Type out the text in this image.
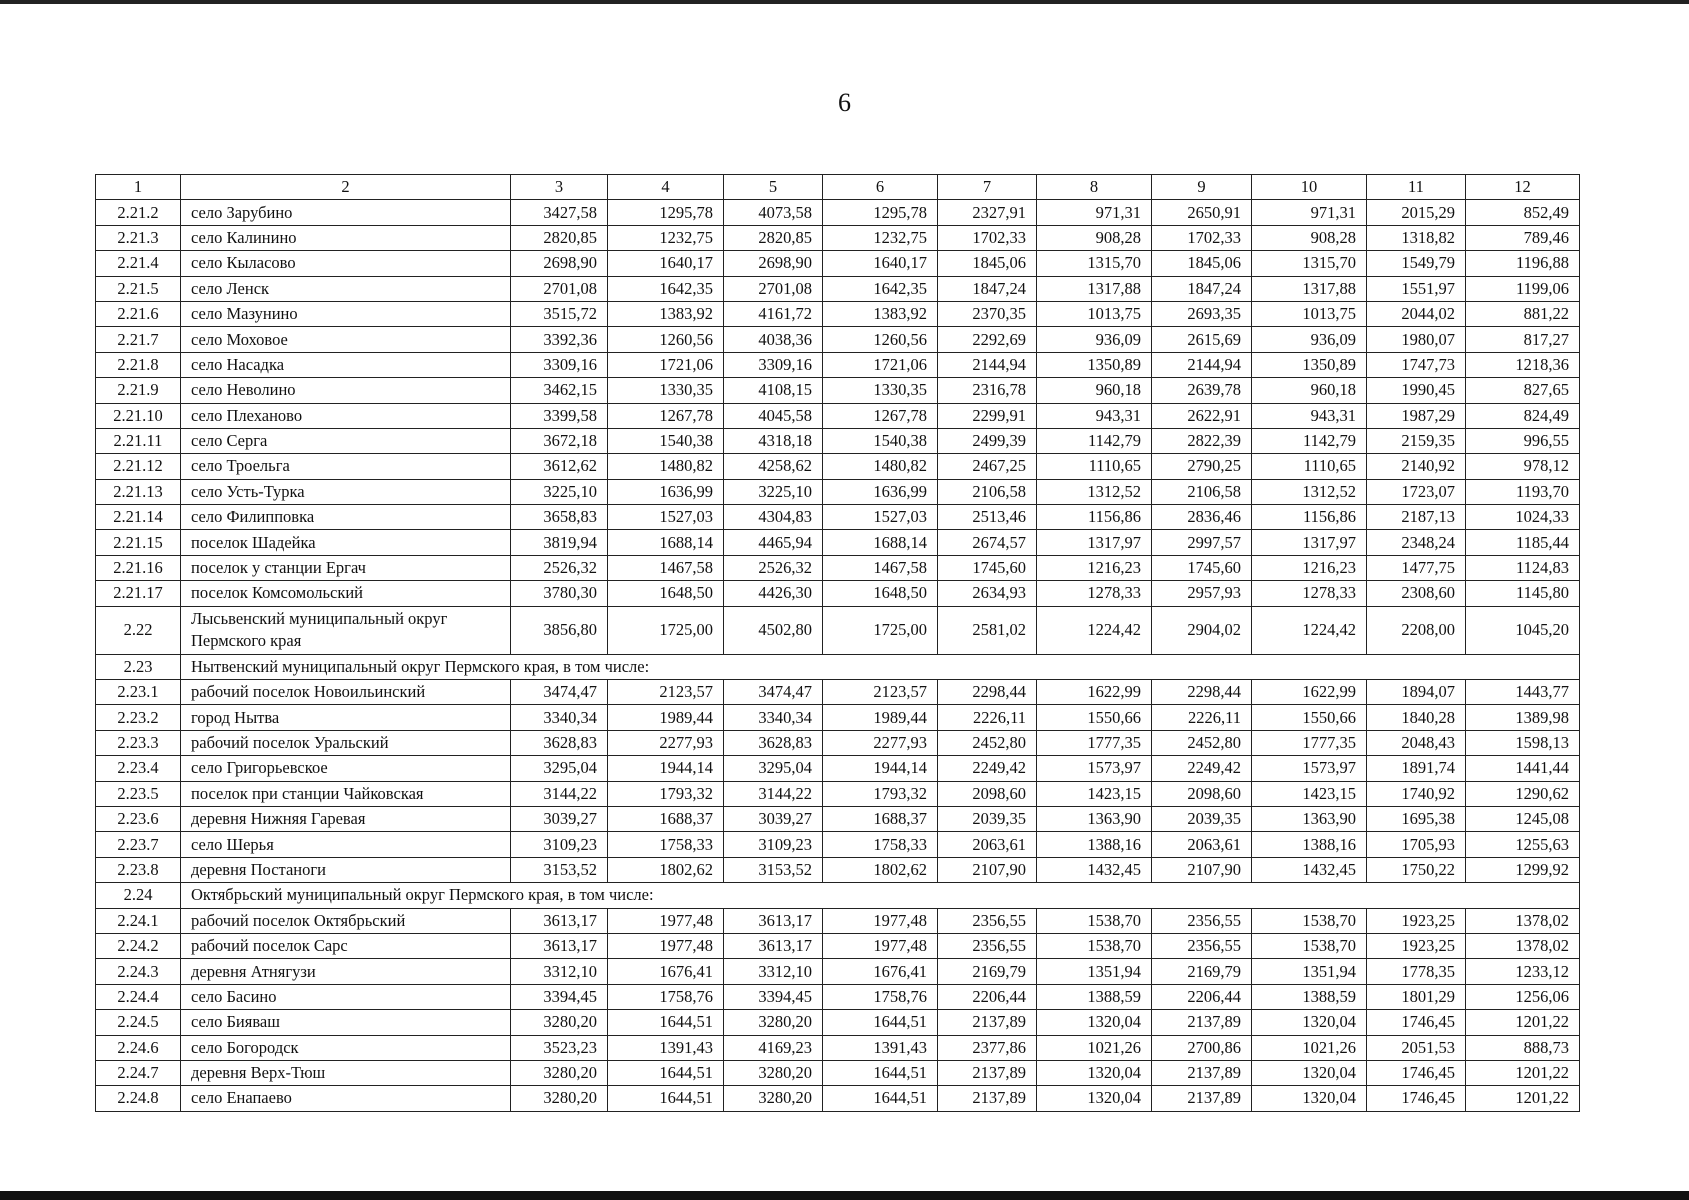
6
1	2	3	4	5	6	7	8	9	10	11	12
2.21.2	село Зарубино	3427,58	1295,78	4073,58	1295,78	2327,91	971,31	2650,91	971,31	2015,29	852,49
2.21.3	село Калинино	2820,85	1232,75	2820,85	1232,75	1702,33	908,28	1702,33	908,28	1318,82	789,46
2.21.4	село Кыласово	2698,90	1640,17	2698,90	1640,17	1845,06	1315,70	1845,06	1315,70	1549,79	1196,88
2.21.5	село Ленск	2701,08	1642,35	2701,08	1642,35	1847,24	1317,88	1847,24	1317,88	1551,97	1199,06
2.21.6	село Мазунино	3515,72	1383,92	4161,72	1383,92	2370,35	1013,75	2693,35	1013,75	2044,02	881,22
2.21.7	село Моховое	3392,36	1260,56	4038,36	1260,56	2292,69	936,09	2615,69	936,09	1980,07	817,27
2.21.8	село Насадка	3309,16	1721,06	3309,16	1721,06	2144,94	1350,89	2144,94	1350,89	1747,73	1218,36
2.21.9	село Неволино	3462,15	1330,35	4108,15	1330,35	2316,78	960,18	2639,78	960,18	1990,45	827,65
2.21.10	село Плеханово	3399,58	1267,78	4045,58	1267,78	2299,91	943,31	2622,91	943,31	1987,29	824,49
2.21.11	село Серга	3672,18	1540,38	4318,18	1540,38	2499,39	1142,79	2822,39	1142,79	2159,35	996,55
2.21.12	село Троельга	3612,62	1480,82	4258,62	1480,82	2467,25	1110,65	2790,25	1110,65	2140,92	978,12
2.21.13	село Усть-Турка	3225,10	1636,99	3225,10	1636,99	2106,58	1312,52	2106,58	1312,52	1723,07	1193,70
2.21.14	село Филипповка	3658,83	1527,03	4304,83	1527,03	2513,46	1156,86	2836,46	1156,86	2187,13	1024,33
2.21.15	поселок Шадейка	3819,94	1688,14	4465,94	1688,14	2674,57	1317,97	2997,57	1317,97	2348,24	1185,44
2.21.16	поселок у станции Ергач	2526,32	1467,58	2526,32	1467,58	1745,60	1216,23	1745,60	1216,23	1477,75	1124,83
2.21.17	поселок Комсомольский	3780,30	1648,50	4426,30	1648,50	2634,93	1278,33	2957,93	1278,33	2308,60	1145,80
2.22	Лысьвенский муниципальный округ Пермского края	3856,80	1725,00	4502,80	1725,00	2581,02	1224,42	2904,02	1224,42	2208,00	1045,20
2.23	Нытвенский муниципальный округ Пермского края, в том числе:										
2.23.1	рабочий поселок Новоильинский	3474,47	2123,57	3474,47	2123,57	2298,44	1622,99	2298,44	1622,99	1894,07	1443,77
2.23.2	город Нытва	3340,34	1989,44	3340,34	1989,44	2226,11	1550,66	2226,11	1550,66	1840,28	1389,98
2.23.3	рабочий поселок Уральский	3628,83	2277,93	3628,83	2277,93	2452,80	1777,35	2452,80	1777,35	2048,43	1598,13
2.23.4	село Григорьевское	3295,04	1944,14	3295,04	1944,14	2249,42	1573,97	2249,42	1573,97	1891,74	1441,44
2.23.5	поселок при станции Чайковская	3144,22	1793,32	3144,22	1793,32	2098,60	1423,15	2098,60	1423,15	1740,92	1290,62
2.23.6	деревня Нижняя Гаревая	3039,27	1688,37	3039,27	1688,37	2039,35	1363,90	2039,35	1363,90	1695,38	1245,08
2.23.7	село Шерья	3109,23	1758,33	3109,23	1758,33	2063,61	1388,16	2063,61	1388,16	1705,93	1255,63
2.23.8	деревня Постаноги	3153,52	1802,62	3153,52	1802,62	2107,90	1432,45	2107,90	1432,45	1750,22	1299,92
2.24	Октябрьский муниципальный округ Пермского края, в том числе:										
2.24.1	рабочий поселок Октябрьский	3613,17	1977,48	3613,17	1977,48	2356,55	1538,70	2356,55	1538,70	1923,25	1378,02
2.24.2	рабочий поселок Сарс	3613,17	1977,48	3613,17	1977,48	2356,55	1538,70	2356,55	1538,70	1923,25	1378,02
2.24.3	деревня Атнягузи	3312,10	1676,41	3312,10	1676,41	2169,79	1351,94	2169,79	1351,94	1778,35	1233,12
2.24.4	село Басино	3394,45	1758,76	3394,45	1758,76	2206,44	1388,59	2206,44	1388,59	1801,29	1256,06
2.24.5	село Бияваш	3280,20	1644,51	3280,20	1644,51	2137,89	1320,04	2137,89	1320,04	1746,45	1201,22
2.24.6	село Богородск	3523,23	1391,43	4169,23	1391,43	2377,86	1021,26	2700,86	1021,26	2051,53	888,73
2.24.7	деревня Верх-Тюш	3280,20	1644,51	3280,20	1644,51	2137,89	1320,04	2137,89	1320,04	1746,45	1201,22
2.24.8	село Енапаево	3280,20	1644,51	3280,20	1644,51	2137,89	1320,04	2137,89	1320,04	1746,45	1201,22
